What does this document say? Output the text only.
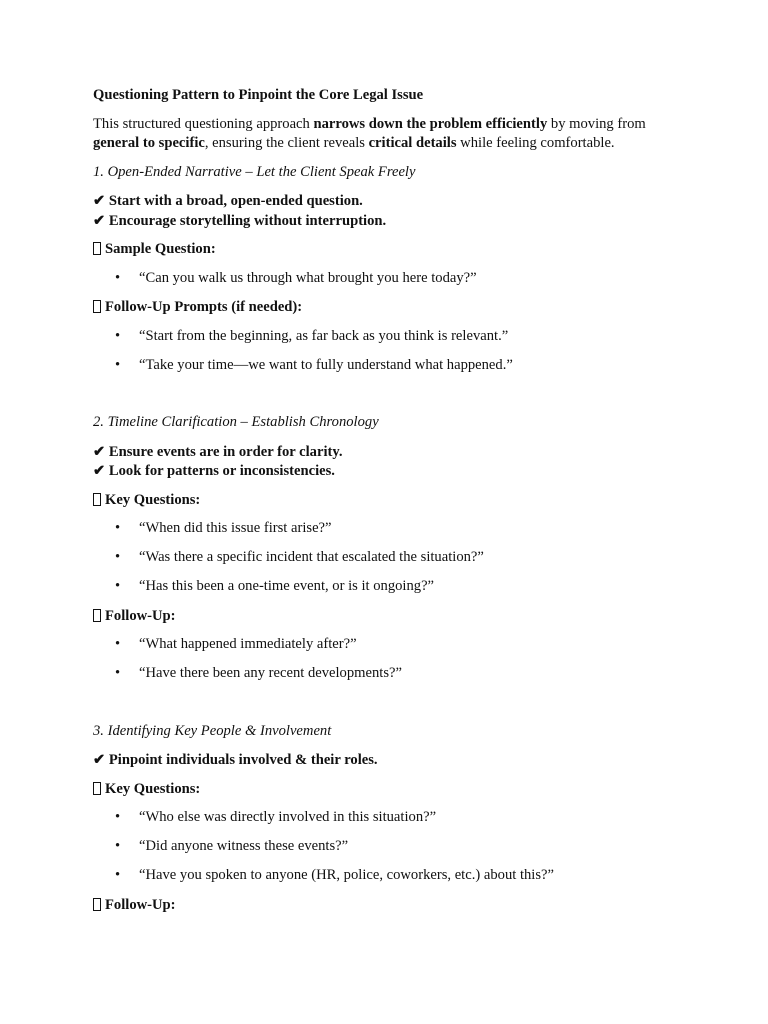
Questioning Pattern to Pinpoint the Core Legal Issue

This structured questioning approach narrows down the problem efficiently by moving from general to specific, ensuring the client reveals critical details while feeling comfortable.

1. Open-Ended Narrative – Let the Client Speak Freely

✔ Start with a broad, open-ended question.
✔ Encourage storytelling without interruption.

Sample Question:

• “Can you walk us through what brought you here today?”

Follow-Up Prompts (if needed):

• “Start from the beginning, as far back as you think is relevant.”
• “Take your time—we want to fully understand what happened.”

2. Timeline Clarification – Establish Chronology

✔ Ensure events are in order for clarity.
✔ Look for patterns or inconsistencies.

Key Questions:

• “When did this issue first arise?”
• “Was there a specific incident that escalated the situation?”
• “Has this been a one-time event, or is it ongoing?”

Follow-Up:

• “What happened immediately after?”
• “Have there been any recent developments?”

3. Identifying Key People & Involvement

✔ Pinpoint individuals involved & their roles.

Key Questions:

• “Who else was directly involved in this situation?”
• “Did anyone witness these events?”
• “Have you spoken to anyone (HR, police, coworkers, etc.) about this?”

Follow-Up:
